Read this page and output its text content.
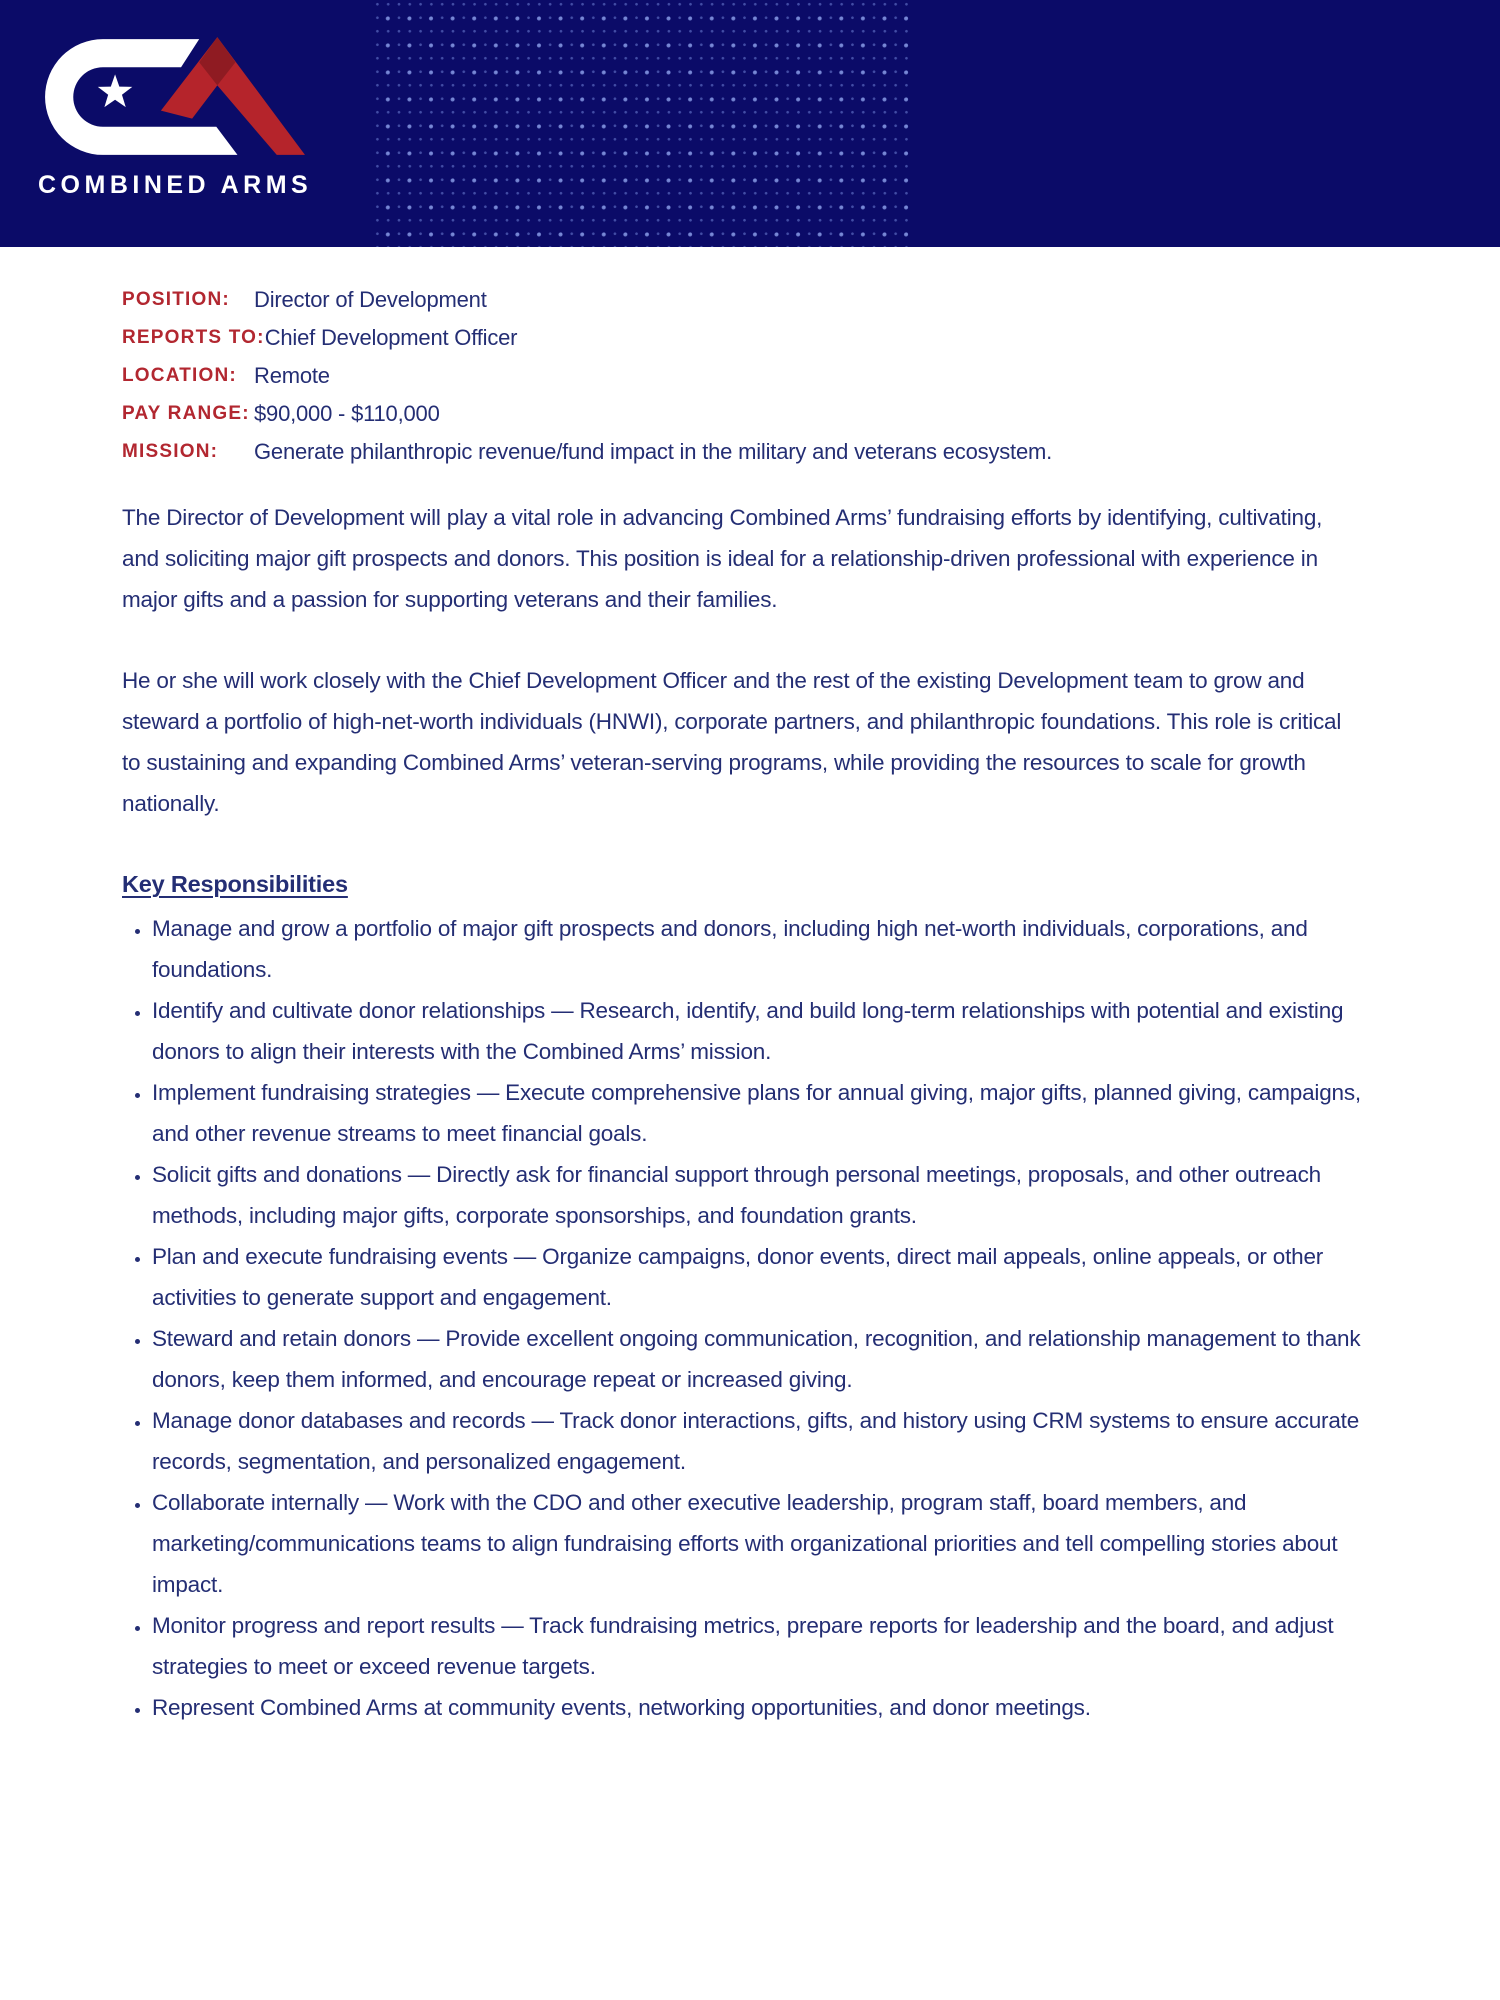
COMBINED ARMS
POSITION:	Director of Development
REPORTS TO: Chief Development Officer
LOCATION: Remote
PAY RANGE: $90,000 - $110,000
MISSION:	Generate philanthropic revenue/fund impact in the military and veterans ecosystem.

The Director of Development will play a vital role in advancing Combined Arms’ fundraising efforts by identifying, cultivating, and soliciting major gift prospects and donors. This position is ideal for a relationship-driven professional with experience in major gifts and a passion for supporting veterans and their families.

He or she will work closely with the Chief Development Officer and the rest of the existing Development team to grow and steward a portfolio of high-net-worth individuals (HNWI), corporate partners, and philanthropic foundations. This role is critical to sustaining and expanding Combined Arms’ veteran-serving programs, while providing the resources to scale for growth nationally.

Key Responsibilities
• Manage and grow a portfolio of major gift prospects and donors, including high net-worth individuals, corporations, and foundations.
• Identify and cultivate donor relationships — Research, identify, and build long-term relationships with potential and existing donors to align their interests with the Combined Arms’ mission.
• Implement fundraising strategies — Execute comprehensive plans for annual giving, major gifts, planned giving, campaigns, and other revenue streams to meet financial goals.
• Solicit gifts and donations — Directly ask for financial support through personal meetings, proposals, and other outreach methods, including major gifts, corporate sponsorships, and foundation grants.
• Plan and execute fundraising events — Organize campaigns, donor events, direct mail appeals, online appeals, or other activities to generate support and engagement.
• Steward and retain donors — Provide excellent ongoing communication, recognition, and relationship management to thank donors, keep them informed, and encourage repeat or increased giving.
• Manage donor databases and records — Track donor interactions, gifts, and history using CRM systems to ensure accurate records, segmentation, and personalized engagement.
• Collaborate internally — Work with the CDO and other executive leadership, program staff, board members, and marketing/communications teams to align fundraising efforts with organizational priorities and tell compelling stories about impact.
• Monitor progress and report results — Track fundraising metrics, prepare reports for leadership and the board, and adjust strategies to meet or exceed revenue targets.
• Represent Combined Arms at community events, networking opportunities, and donor meetings.
